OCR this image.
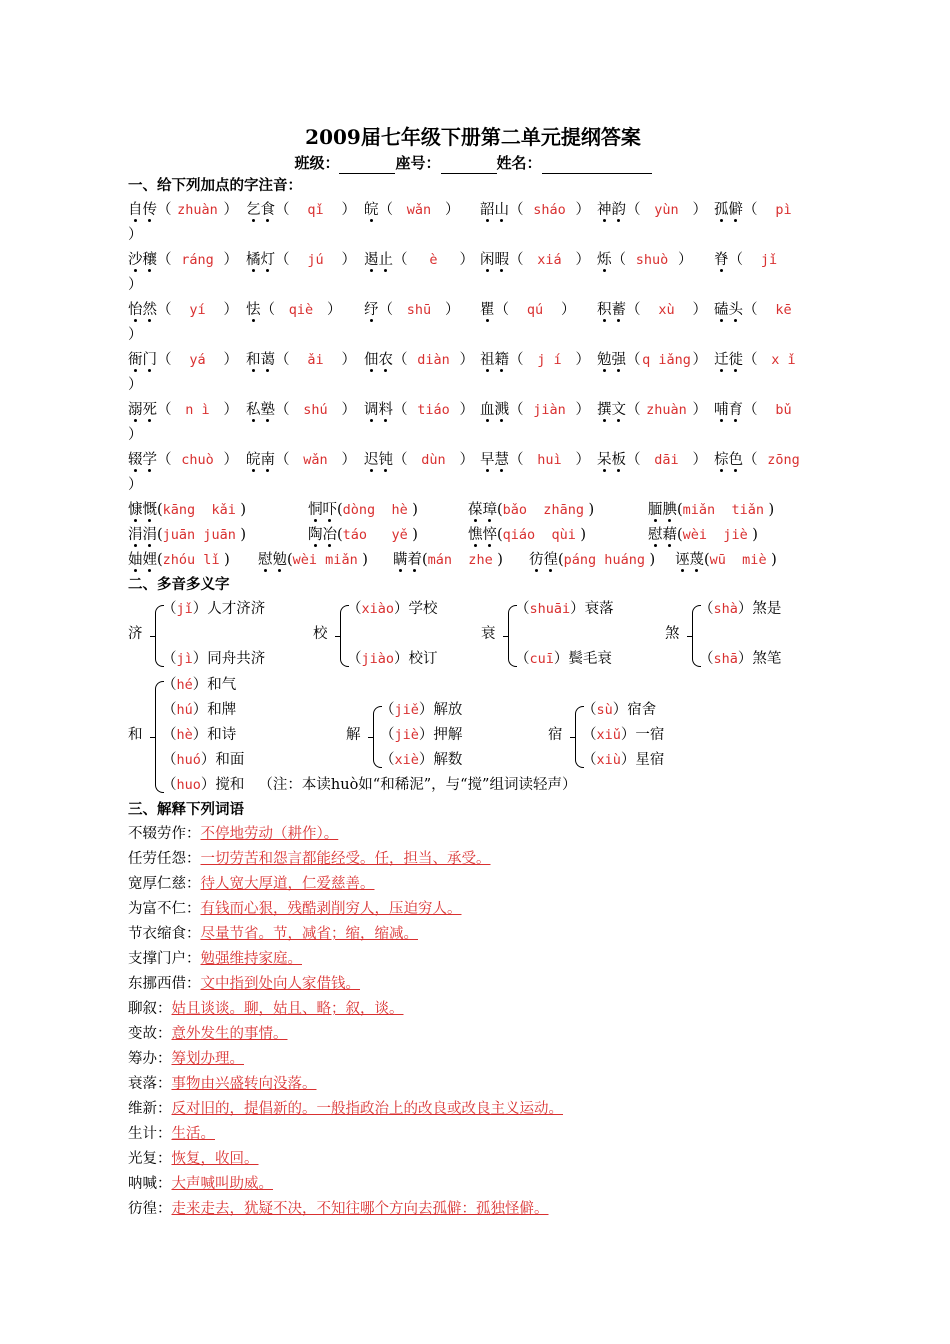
2009届七年级下册第二单元提纲答案
班级：	座号：	姓名：
一、给下列加点的字注音：
自传（ zhuàn ） 乞食（ qǐ ） 皖（ wǎn ） 韶山（ sháo ） 神韵（ yùn ） 孤僻（ pì
）
沙穰（ ráng ） 橘灯（ jú ） 遏止（ è ） 闲暇（ xiá ） 烁（ shuò ） 脊（ jǐ
）
怡然（ yí ） 怯（ qiè ） 纾（ shū ） 瞿（ qú ） 积蓄（ xù ） 磕头（ kē
）
衙门（ yá ） 和蔼（ ǎi ） 佃农（ diàn ） 祖籍（ j í ） 勉强（ q iǎng ） 迁徙（ x ǐ
）
溺死（ n ì ） 私塾（ shú ） 调料（ tiáo ） 血溅（ jiàn ） 撰文（ zhuàn ） 哺育（ bǔ
）
辍学（ chuò ） 皖南（ wǎn ） 迟钝（ dùn ） 早慧（ huì ） 呆板（ dāi ） 棕色（ zōng
）
慷慨(kāng  kǎi )	恫吓(dòng  hè )	葆璋(bǎo  zhāng )	腼腆(miǎn  tiǎn )
涓涓(juān juān )	陶冶(táo   yě )	憔悴(qiáo  qùi )	慰藉(wèi  jiè )
妯娌(zhóu lǐ ) 慰勉(wèi miǎn ) 瞒着(mán  zhe ) 彷徨(páng huáng ) 诬蔑(wū  miè )
二、多音多义字
济
（jǐ）人才济济
（jì）同舟共济
校
（xiào）学校
（jiào）校订
衰
（shuāi）衰落
（cuī）鬓毛衰
煞
（shà）煞是
（shā）煞笔
和
（hé）和气
（hú）和牌
（hè）和诗
（huó）和面
（huo）搅和 （注：本读huò如“和稀泥”，与“搅”组词读轻声）
解
（jiě）解放
（jiè）押解
（xiè）解数
宿
（sù）宿舍
（xiǔ）一宿
（xiù）星宿
三、解释下列词语
不辍劳作：不停地劳动（耕作）。
任劳任怨：一切劳苦和怨言都能经受。任，担当、承受。
宽厚仁慈：待人宽大厚道，仁爱慈善。
为富不仁：有钱而心狠，残酷剥削穷人，压迫穷人。
节衣缩食：尽量节省。节，减省；缩，缩减。
支撑门户：勉强维持家庭。
东挪西借：文中指到处向人家借钱。
聊叙：姑且谈谈。聊，姑且、略；叙，谈。
变故：意外发生的事情。
筹办：筹划办理。
衰落：事物由兴盛转向没落。
维新：反对旧的，提倡新的。一般指政治上的改良或改良主义运动。
生计：生活。
光复：恢复，收回。
呐喊：大声喊叫助威。
彷徨：走来走去，犹疑不决，不知往哪个方向去孤僻：孤独怪僻。
